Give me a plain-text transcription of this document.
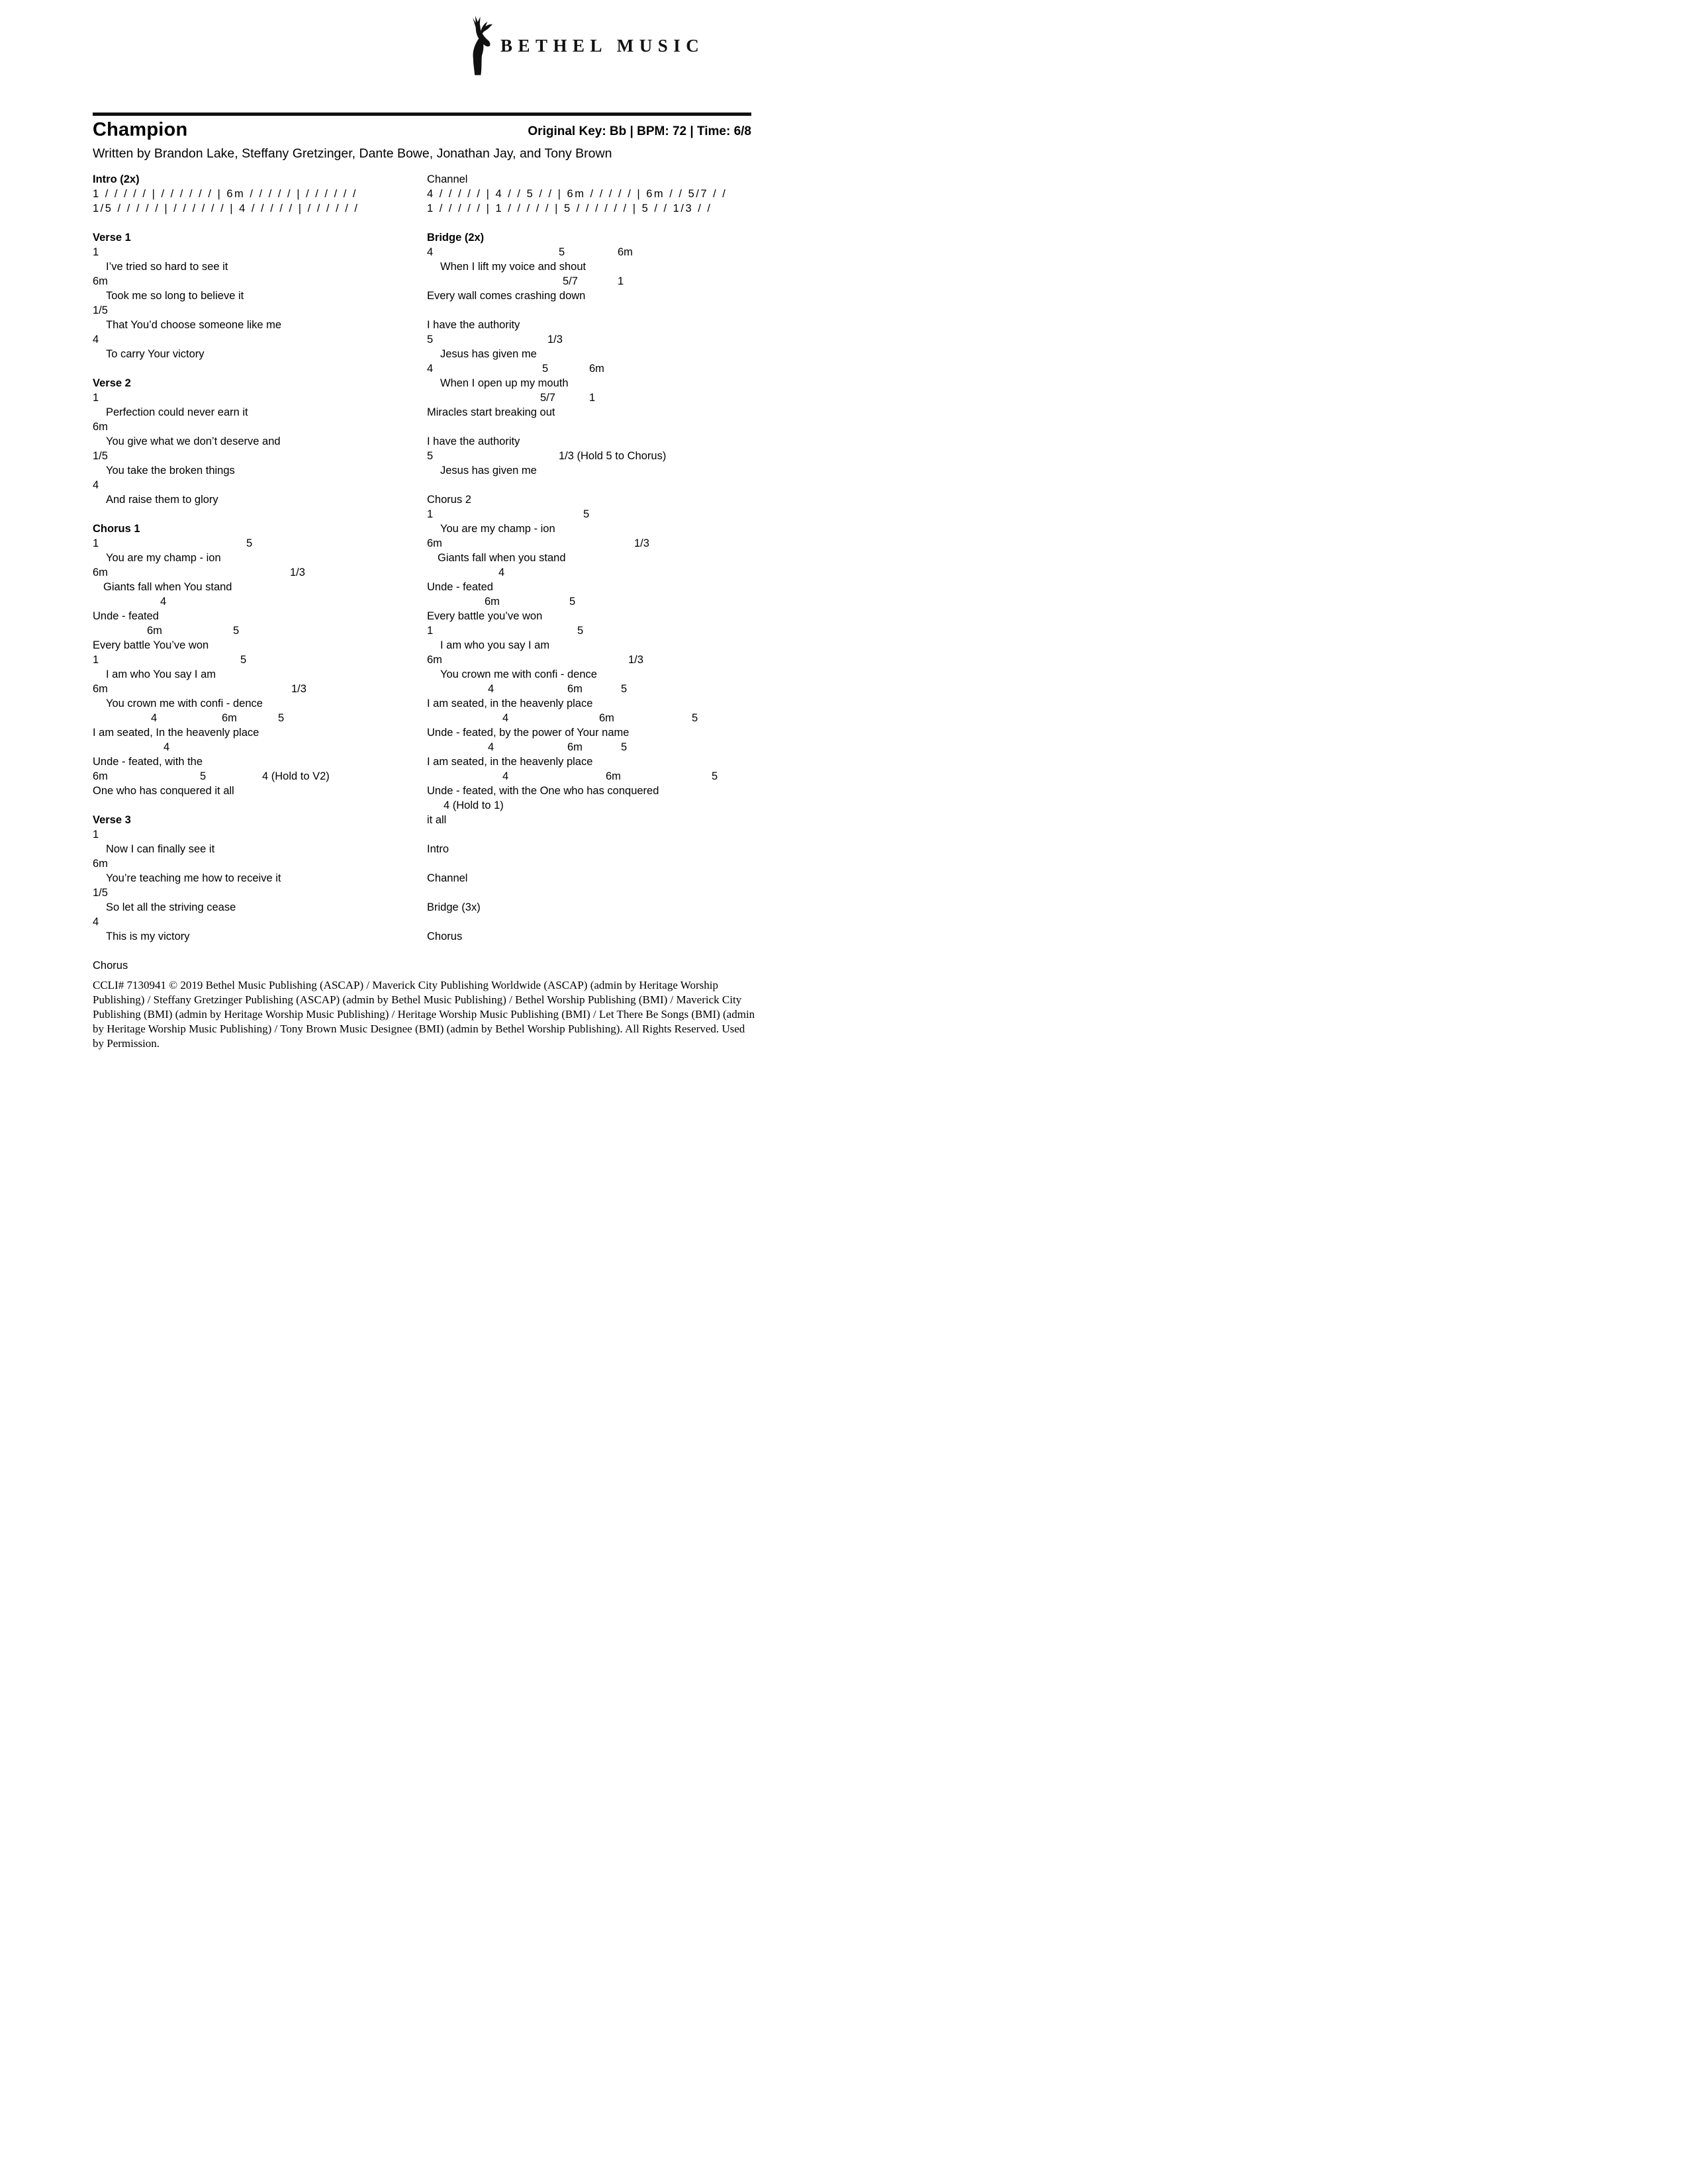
BETHEL MUSIC
Champion	Original Key: Bb | BPM: 72 | Time: 6/8
Written by Brandon Lake, Steffany Gretzinger, Dante Bowe, Jonathan Jay, and Tony Brown
Intro (2x)
1 / / / / / | / / / / / / | 6m / / / / / | / / / / / /
1/5 / / / / / | / / / / / / | 4 / / / / / | / / / / / /
Verse 1
1
I’ve tried so hard to see it
6m
Took me so long to believe it
1/5
That You’d choose someone like me
4
To carry Your victory
Verse 2
1
Perfection could never earn it
6m
You give what we don’t deserve and
1/5
You take the broken things
4
And raise them to glory
Chorus 1
1	5
You are my champ - ion
6m	1/3
Giants fall when You stand
4
Unde - feated
6m	5
Every battle You’ve won
1	5
I am who You say I am
6m	1/3
You crown me with confi - dence
4	6m	5
I am seated, In the heavenly place
4
Unde - feated, with the
6m	5	4 (Hold to V2)
One who has conquered it all
Verse 3
1
Now I can finally see it
6m
You’re teaching me how to receive it
1/5
So let all the striving cease
4
This is my victory
Chorus
Channel
4 / / / / / | 4 / / 5 / / | 6m / / / / / | 6m / / 5/7 / /
1 / / / / / | 1 / / / / / | 5 / / / / / / | 5 / / 1/3 / /
Bridge (2x)
4	5	6m
When I lift my voice and shout
5/7	1
Every wall comes crashing down
I have the authority
5	1/3
Jesus has given me
4	5	6m
When I open up my mouth
5/7	1
Miracles start breaking out
I have the authority
5	1/3 (Hold 5 to Chorus)
Jesus has given me
Chorus 2
1	5
You are my champ - ion
6m	1/3
Giants fall when you stand
4
Unde - feated
6m	5
Every battle you’ve won
1	5
I am who you say I am
6m	1/3
You crown me with confi - dence
4	6m	5
I am seated, in the heavenly place
4	6m	5
Unde - feated, by the power of Your name
4	6m	5
I am seated, in the heavenly place
4	6m	5
Unde - feated, with the One who has conquered
4 (Hold to 1)
it all
Intro
Channel
Bridge (3x)
Chorus
CCLI# 7130941 © 2019 Bethel Music Publishing (ASCAP) / Maverick City Publishing Worldwide (ASCAP) (admin by Heritage Worship Publishing) / Steffany Gretzinger Publishing (ASCAP) (admin by Bethel Music Publishing) / Bethel Worship Publishing (BMI) / Maverick City Publishing (BMI) (admin by Heritage Worship Music Publishing) / Heritage Worship Music Publishing (BMI) / Let There Be Songs (BMI) (admin by Heritage Worship Music Publishing) / Tony Brown Music Designee (BMI) (admin by Bethel Worship Publishing). All Rights Reserved. Used by Permission.
